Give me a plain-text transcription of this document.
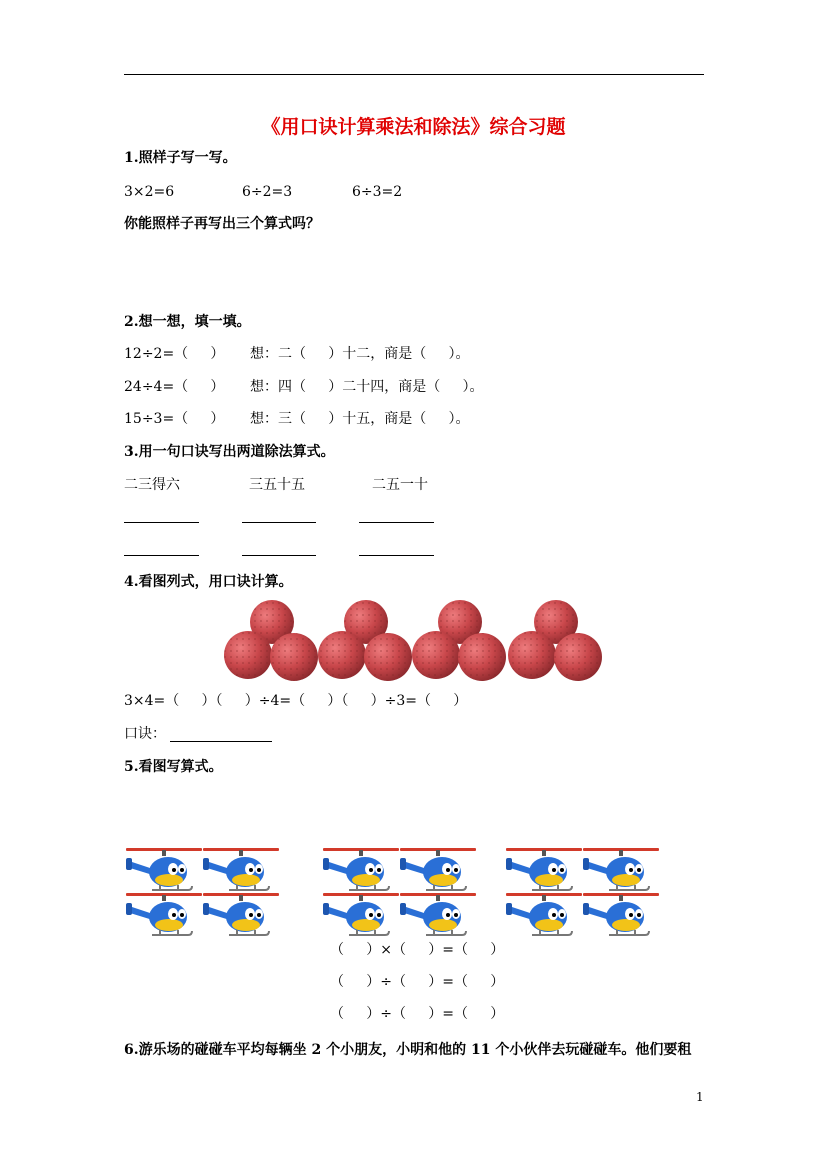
《用口诀计算乘法和除法》综合习题
1.照样子写一写。
3×2=6	6÷2=3	6÷3=2
你能照样子再写出三个算式吗？
2.想一想，填一填。
12÷2=（     ） 想：二（     ）十二，商是（     ）。
24÷4=（     ） 想：四（     ）二十四，商是（     ）。
15÷3=（     ） 想：三（     ）十五，商是（     ）。
3.用一句口诀写出两道除法算式。
二三得六	三五十五	二五一十
4.看图列式，用口诀计算。
3×4=（     ）（     ）÷4=（     ）（     ）÷3=（     ）
口诀：
5.看图写算式。
（     ）×（     ）=（     ）
（     ）÷（     ）=（     ）
（     ）÷（     ）=（     ）
6.游乐场的碰碰车平均每辆坐 2 个小朋友，小明和他的 11 个小伙伴去玩碰碰车。他们要租
1
